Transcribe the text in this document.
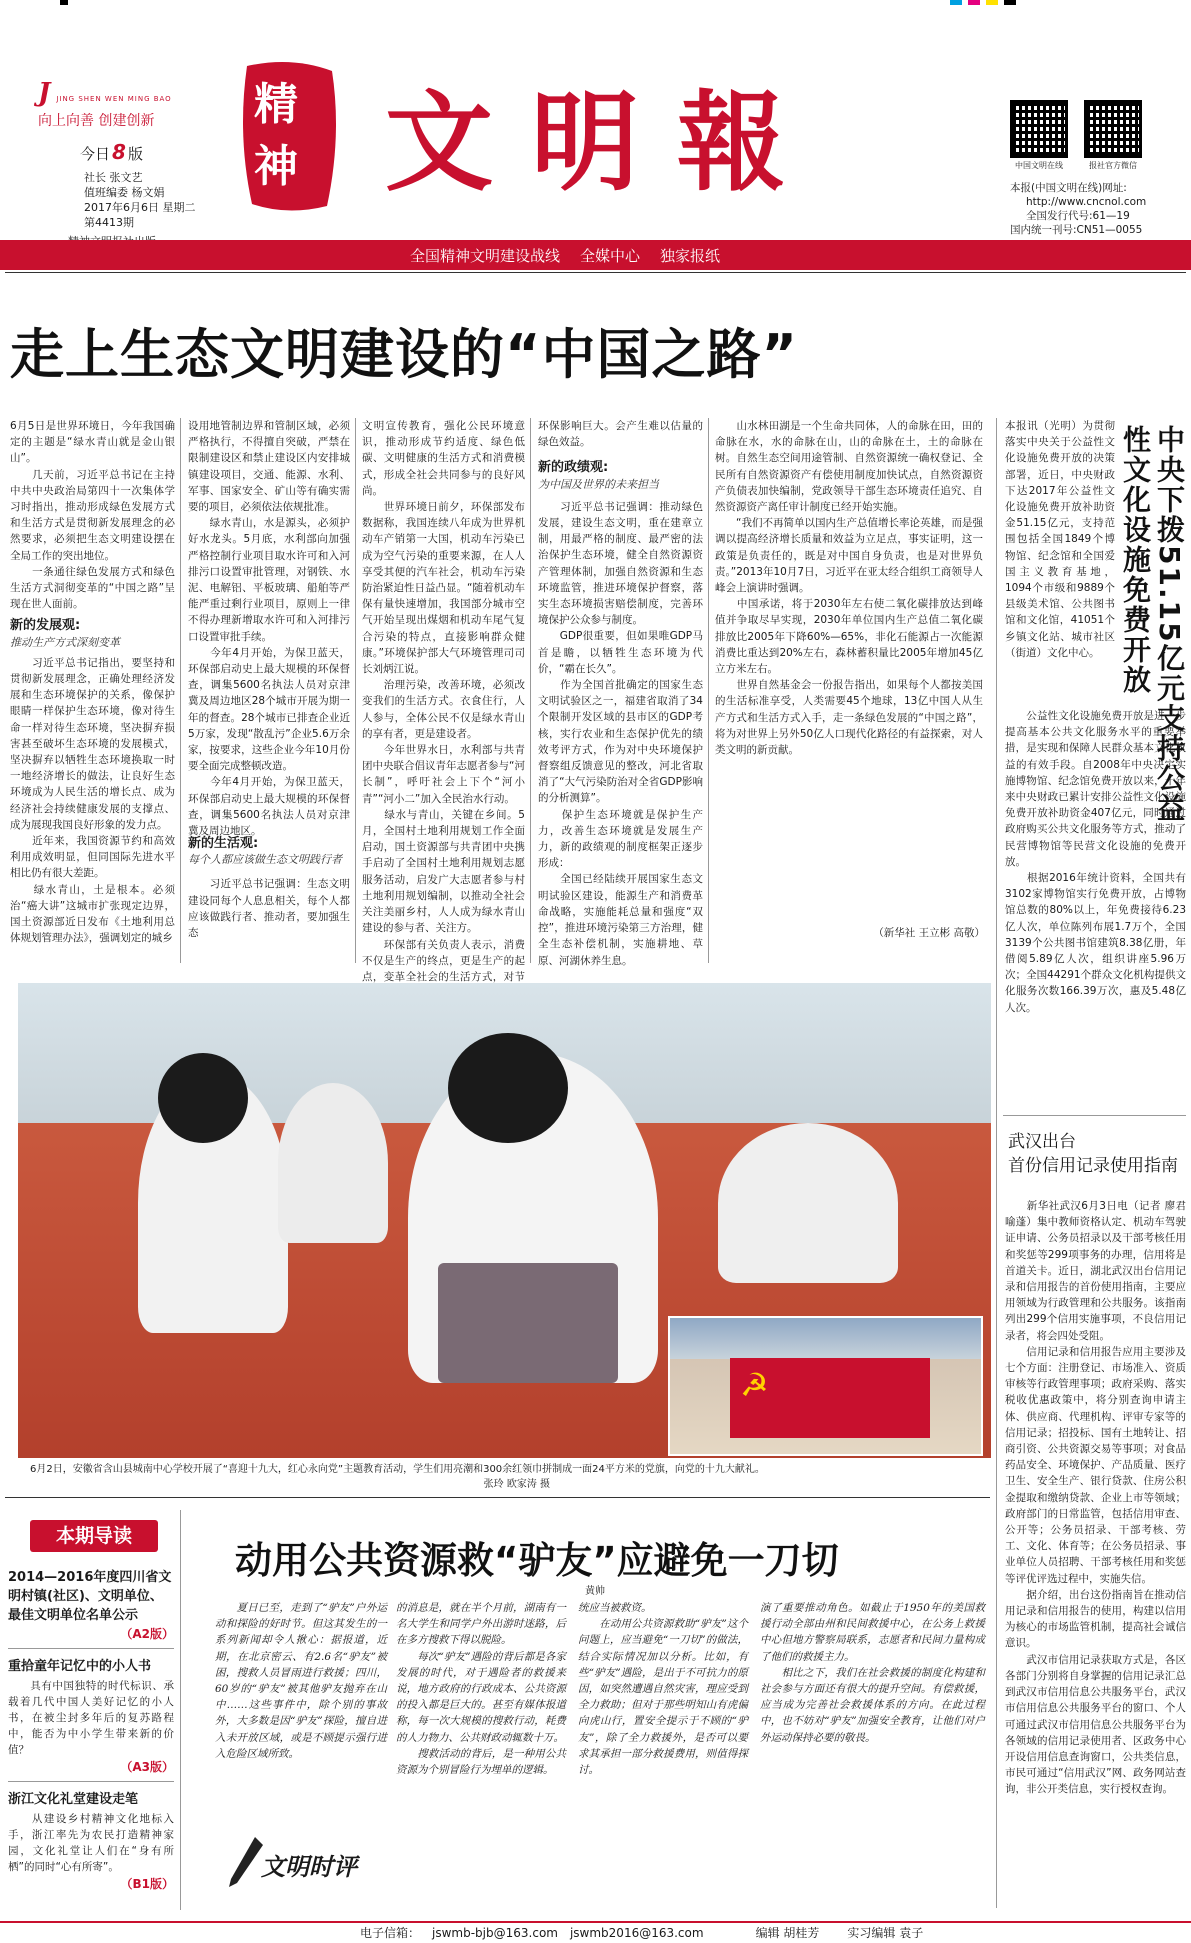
J JING SHEN WEN MING BAO
向上向善 创建创新
今日 8 版
社长 张文艺
值班编委 杨文娟
2017年6月6日 星期二
第4413期
精
神 文明報	中国文明在线	报社官方微信
本报(中国文明在线)网址:
http://www.cncnol.com
全国发行代号:61—19
国内统一刊号:CN51—0055
全国精神文明建设战线 全媒中心 独家报纸
走上生态文明建设的“中国之路”
6月5日是世界环境日，今年我国确定的主题是“绿水青山就是金山银山”。
　　几天前，习近平总书记在主持中共中央政治局第四十一次集体学习时指出，推动形成绿色发展方式和生活方式是贯彻新发展理念的必然要求，必须把生态文明建设摆在全局工作的突出地位。
　　一条通往绿色发展方式和绿色生活方式洞彻变革的“中国之路”呈现在世人面前。
新的发展观:
推动生产方式深刻变革
　　习近平总书记指出，要坚持和贯彻新发展理念，正确处理经济发展和生态环境保护的关系，像保护眼睛一样保护生态环境，像对待生命一样对待生态环境，坚决摒弃损害甚至破坏生态环境的发展模式，坚决摒弃以牺牲生态环境换取一时一地经济增长的做法，让良好生态环境成为人民生活的增长点、成为经济社会持续健康发展的支撑点、成为展现我国良好形象的发力点。
　　近年来，我国资源节约和高效利用成效明显，但同国际先进水平相比仍有很大差距。
　　绿水青山，土是根本。必须治“癌大讲”这城市扩张现定边界，国土资源部近日发布《土地利用总体规划管理办法》，强调划定的城乡
设用地管制边界和管制区域，必须严格执行，不得擅自突破，严禁在限制建设区和禁止建设区内安排城镇建设项目，交通、能源、水利、军事、国家安全、矿山等有确实需要的项目，必须依法依规批准。
　　绿水青山，水是源头，必须护好水龙头。5月底，水利部向加强严格控制行业项目取水许可和入河排污口设置审批管理，对钢铁、水泥、电解铝、平板玻璃、船舶等严能严重过剩行业项目，原则上一律不得办理新增取水许可和入河排污口设置审批手续。
　　今年4月开始，为保卫蓝天，环保部启动史上最大规模的环保督查，调集5600名执法人员对京津冀及周边地区28个城市开展为期一年的督查。28个城市已排查企业近5万家，发现“散乱污”企业5.6万余家，按要求，这些企业今年10月份要全面完成整顿改造。
　　今年4月开始，为保卫蓝天，环保部启动史上最大规模的环保督查，调集5600名执法人员对京津冀及周边地区。
新的生活观:
每个人都应该做生态文明践行者
　　习近平总书记强调：生态文明建设同每个人息息相关，每个人都应该做践行者、推动者，要加强生态
文明宣传教育，强化公民环境意识，推动形成节约适度、绿色低碳、文明健康的生活方式和消费模式，形成全社会共同参与的良好风尚。
　　世界环境日前夕，环保部发布数据称，我国连续八年成为世界机动车产销第一大国，机动车污染已成为空气污染的重要来源，在人人享受其便的汽车社会，机动车污染防治紧迫性日益凸显。“随着机动车保有量快速增加，我国部分城市空气开始呈现出煤烟和机动车尾气复合污染的特点，直接影响群众健康。”环境保护部大气环境管理司司长刘炳江说。
　　治理污染，改善环境，必须改变我们的生活方式。衣食住行，人人参与，全体公民不仅是绿水青山的享有者，更是建设者。
　　今年世界水日，水利部与共青团中央联合倡议青年志愿者参与“河长制”，呼吁社会上下个“河小青”“河小二”加入全民治水行动。
　　绿水与青山，关键在乡间。5月，全国村土地利用规划工作全面启动，国土资源部与共青团中央携手启动了全国村土地利用规划志愿服务活动，启发广大志愿者参与村土地利用规划编制，以推动全社会关注美丽乡村，人人成为绿水青山建设的参与者、关注方。
　　环保部有关负责人表示，消费不仅是生产的终点，更是生产的起点，变革全社会的生活方式，对节
环保影响巨大。会产生难以估量的绿色效益。
新的政绩观:
为中国及世界的未来担当
　　习近平总书记强调：推动绿色发展，建设生态文明，重在建章立制，用最严格的制度、最严密的法治保护生态环境，健全自然资源资产管理体制，加强自然资源和生态环境监管，推进环境保护督察，落实生态环境损害赔偿制度，完善环境保护公众参与制度。
　　GDP很重要，但如果唯GDP马首是瞻，以牺牲生态环境为代价，“霸在长久”。
　　作为全国首批确定的国家生态文明试验区之一，福建省取消了34个限制开发区域的县市区的GDP考核，实行农业和生态保护优先的绩效考评方式，作为对中央环境保护督察组反馈意见的整改，河北省取消了“大气污染防治对全省GDP影响的分析测算”。
　　保护生态环境就是保护生产力，改善生态环境就是发展生产力，新的政绩观的制度框架正逐步形成：
　　全国已经陆续开展国家生态文明试验区建设，能源生产和消费革命战略，实施能耗总量和强度“双控”，推进环境污染第三方治理，健全生态补偿机制，实施耕地、草原、河湖休养生息。
　　山水林田湖是一个生命共同体，人的命脉在田，田的命脉在水，水的命脉在山，山的命脉在土，土的命脉在树。自然生态空间用途管制、自然资源统一确权登记、全民所有自然资源资产有偿使用制度加快试点，自然资源资产负债表加快编制，党政领导干部生态环境责任追究、自然资源资产离任审计制度已经开始实施。
　　“我们不再简单以国内生产总值增长率论英雄，而是强调以提高经济增长质量和效益为立足点，事实证明，这一政策是负责任的，既是对中国自身负责，也是对世界负责。”2013年10月7日，习近平在亚太经合组织工商领导人峰会上演讲时强调。
　　中国承诺，将于2030年左右使二氧化碳排放达到峰值并争取尽早实现，2030年单位国内生产总值二氧化碳排放比2005年下降60%—65%，非化石能源占一次能源消费比重达到20%左右，森林蓄积量比2005年增加45亿立方米左右。
　　世界自然基金会一份报告指出，如果每个人都按美国的生活标准享受，人类需要45个地球，13亿中国人从生产方式和生活方式入手，走一条绿色发展的“中国之路”，将为对世界上另外50亿人口现代化路径的有益探索，对人类文明的新贡献。
（新华社 王立彬 高敬）
本报讯（光明）为贯彻落实中央关于公益性文化设施免费开放的决策部署，近日，中央财政下达2017年公益性文化设施免费开放补助资金51.15亿元，支持范围包括全国1849个博物馆、纪念馆和全国爱国主义教育基地，1094个市级和9889个县级美术馆、公共图书馆和文化馆，41051个乡镇文化站、城市社区（街道）文化中心。	中央下拨51.15亿元支持公益性文化设施免费开放
　　公益性文化设施免费开放是进一步提高基本公共文化服务水平的重要举措，是实现和保障人民群众基本文化权益的有效手段。自2008年中央决定实施博物馆、纪念馆免费开放以来，十年来中央财政已累计安排公益性文化设施免费开放补助资金407亿元，同时通过政府购买公共文化服务等方式，推动了民营博物馆等民营文化设施的免费开放。
　　根据2016年统计资料，全国共有3102家博物馆实行免费开放，占博物馆总数的80%以上，年免费接待6.23亿人次，单位陈列布展1.7万个，全国3139个公共图书馆建筑8.38亿册，年借阅5.89亿人次，组织讲座5.96万次；全国44291个群众文化机构提供文化服务次数166.39万次，惠及5.48亿人次。
武汉出台
首份信用记录使用指南
　　新华社武汉6月3日电（记者 廖君 喻蓬）集中教师资格认定、机动车驾驶证申请、公务员招录以及干部考核任用和奖惩等299项事务的办理，信用将是首道关卡。近日，湖北武汉出台信用记录和信用报告的首份使用指南，主要应用领域为行政管理和公共服务。该指南列出299个信用实施事项，不良信用记录者，将会四处受阻。
　　信用记录和信用报告应用主要涉及七个方面：注册登记、市场准入、资质审核等行政管理事项；政府采购、落实税收优惠政策中，将分别查询申请主体、供应商、代理机构、评审专家等的信用记录；招投标、国有土地转让、招商引资、公共资源交易等事项；对食品药品安全、环境保护、产品质量、医疗卫生、安全生产、银行贷款、住房公积金提取和缴纳贷款、企业上市等领域；政府部门的日常监管，包括信用审查、公开等；公务员招录、干部考核、劳工、文化、体育等；在公务员招录、事业单位人员招聘、干部考核任用和奖惩等评优评选过程中，实施失信。
　　据介绍，出台这份指南旨在推动信用记录和信用报告的使用，构建以信用为核心的市场监管机制，提高社会诚信意识。
　　武汉市信用记录获取方式是，各区各部门分别将自身掌握的信用记录汇总到武汉市信用信息公共服务平台，武汉市信用信息公共服务平台的窗口、个人可通过武汉市信用信息公共服务平台为各领域的信用记录使用者、区政务中心开设信用信息查询窗口，公共类信息，市民可通过“信用武汉”网、政务网站查询，非公开类信息，实行授权查询。
☭
6月2日，安徽省含山县城南中心学校开展了“喜迎十九大，红心永向党”主题教育活动，学生们用亮潮和300余红领巾拼制成一面24平方米的党旗，向党的十九大献礼。
张玲 欧家涛 摄
本期导读
2014—2016年度四川省文明村镇(社区)、文明单位、最佳文明单位名单公示
（A2版）
重拾童年记忆中的小人书
　　具有中国独特的时代标识、承载着几代中国人美好记忆的小人书，在被尘封多年后的复苏路程中，能否为中小学生带来新的价值？
（A3版）
浙江文化礼堂建设走笔
　　从建设乡村精神文化地标入手，浙江率先为农民打造精神家园，文化礼堂让人们在“身有所栖”的同时“心有所寄”。
（B1版）
动用公共资源救“驴友”应避免一刀切
黄帅
　　夏日已至，走到了“驴友”户外运动和探险的好时节。但这其发生的一系列新闻却令人揪心：据报道，近期，在北京密云、有2.6名“驴友”被困，搜救人员冒雨进行救援；四川，60岁的“驴友”被其他驴友抛弃在山中……这些事件中，除个别的事故外，大多数是因“驴友”探险，擅自进入未开放区域，或是不顾提示强行进入危险区域所致。
文明时评
的消息是，就在半个月前，湖南有一名大学生和同学户外出游时迷路，后在多方搜救下得以脱险。
　　每次“驴友”遇险的背后都是各家发展的时代，对于遇险者的救援来说，地方政府的行政成本、公共资源的投入都是巨大的。甚至有媒体报道称，每一次大规模的搜救行动，耗费的人力物力、公共财政动辄数十万。
　　搜救活动的背后，是一种用公共资源为个别冒险行为埋单的逻辑。
统应当被救资。
　　在动用公共资源救助“驴友”这个问题上，应当避免“一刀切”的做法，结合实际情况加以分析。比如，有些“驴友”遇险，是出于不可抗力的原因，如突然遭遇自然灾害，理应受到全力救助；但对于那些明知山有虎偏向虎山行，置安全提示于不顾的“驴友”，除了全力救援外，是否可以要求其承担一部分救援费用，则值得探讨。
演了重要推动角色。如截止于1950年的美国救援行动全部由州和民间救援中心，在公务上救援中心但地方警察局联系，志愿者和民间力量构成了他们的救援主力。
　　相比之下，我们在社会救援的制度化构建和社会参与方面还有很大的提升空间。有偿救援，应当成为完善社会救援体系的方向。在此过程中，也不妨对“驴友”加强安全教育，让他们对户外运动保持必要的敬畏。
电子信箱： jswmb-bjb@163.com jswmb2016@163.com	编辑 胡桂芳 实习编辑 袁子
